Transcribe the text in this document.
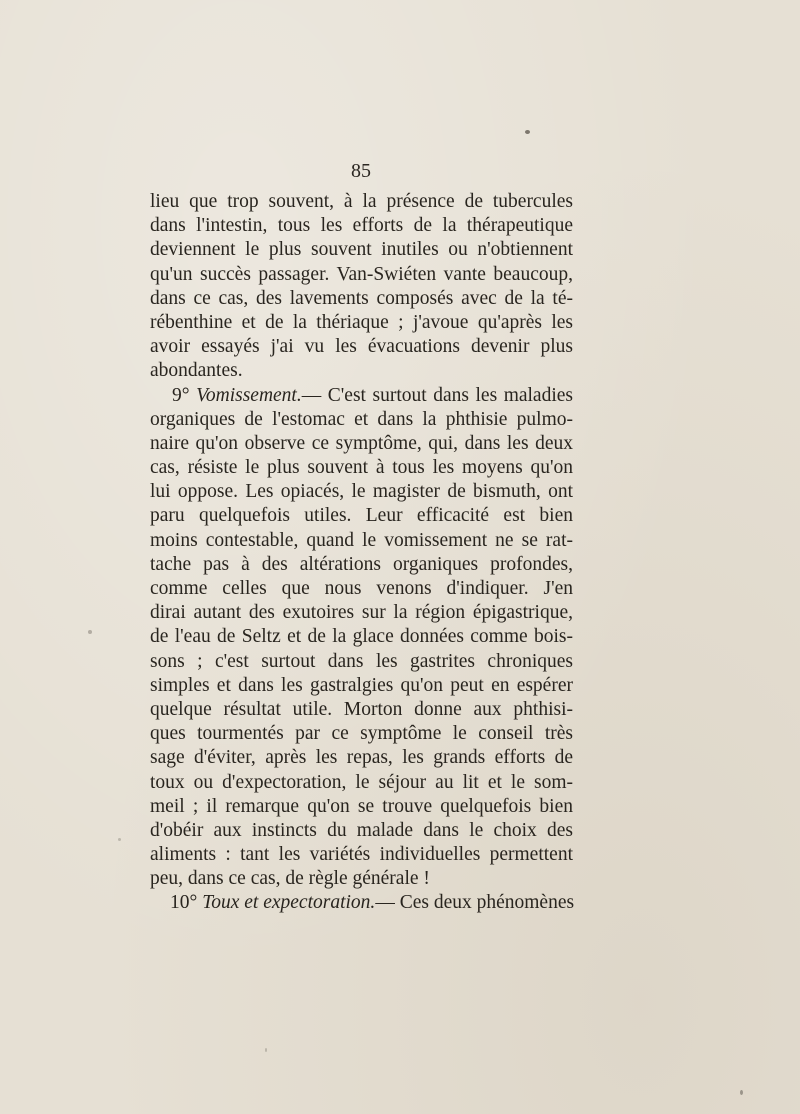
85
lieu que trop souvent, à la présence de tubercules
dans l'intestin, tous les efforts de la thérapeutique
deviennent le plus souvent inutiles ou n'obtiennent
qu'un succès passager. Van-Swiéten vante beaucoup,
dans ce cas, des lavements composés avec de la té-
rébenthine et de la thériaque ; j'avoue qu'après les
avoir essayés j'ai vu les évacuations devenir plus
abondantes.
9° Vomissement.— C'est surtout dans les maladies
organiques de l'estomac et dans la phthisie pulmo-
naire qu'on observe ce symptôme, qui, dans les deux
cas, résiste le plus souvent à tous les moyens qu'on
lui oppose. Les opiacés, le magister de bismuth, ont
paru quelquefois utiles. Leur efficacité est bien
moins contestable, quand le vomissement ne se rat-
tache pas à des altérations organiques profondes,
comme celles que nous venons d'indiquer. J'en
dirai autant des exutoires sur la région épigastrique,
de l'eau de Seltz et de la glace données comme bois-
sons ; c'est surtout dans les gastrites chroniques
simples et dans les gastralgies qu'on peut en espérer
quelque résultat utile. Morton donne aux phthisi-
ques tourmentés par ce symptôme le conseil très
sage d'éviter, après les repas, les grands efforts de
toux ou d'expectoration, le séjour au lit et le som-
meil ; il remarque qu'on se trouve quelquefois bien
d'obéir aux instincts du malade dans le choix des
aliments : tant les variétés individuelles permettent
peu, dans ce cas, de règle générale !
10° Toux et expectoration.— Ces deux phénomènes
